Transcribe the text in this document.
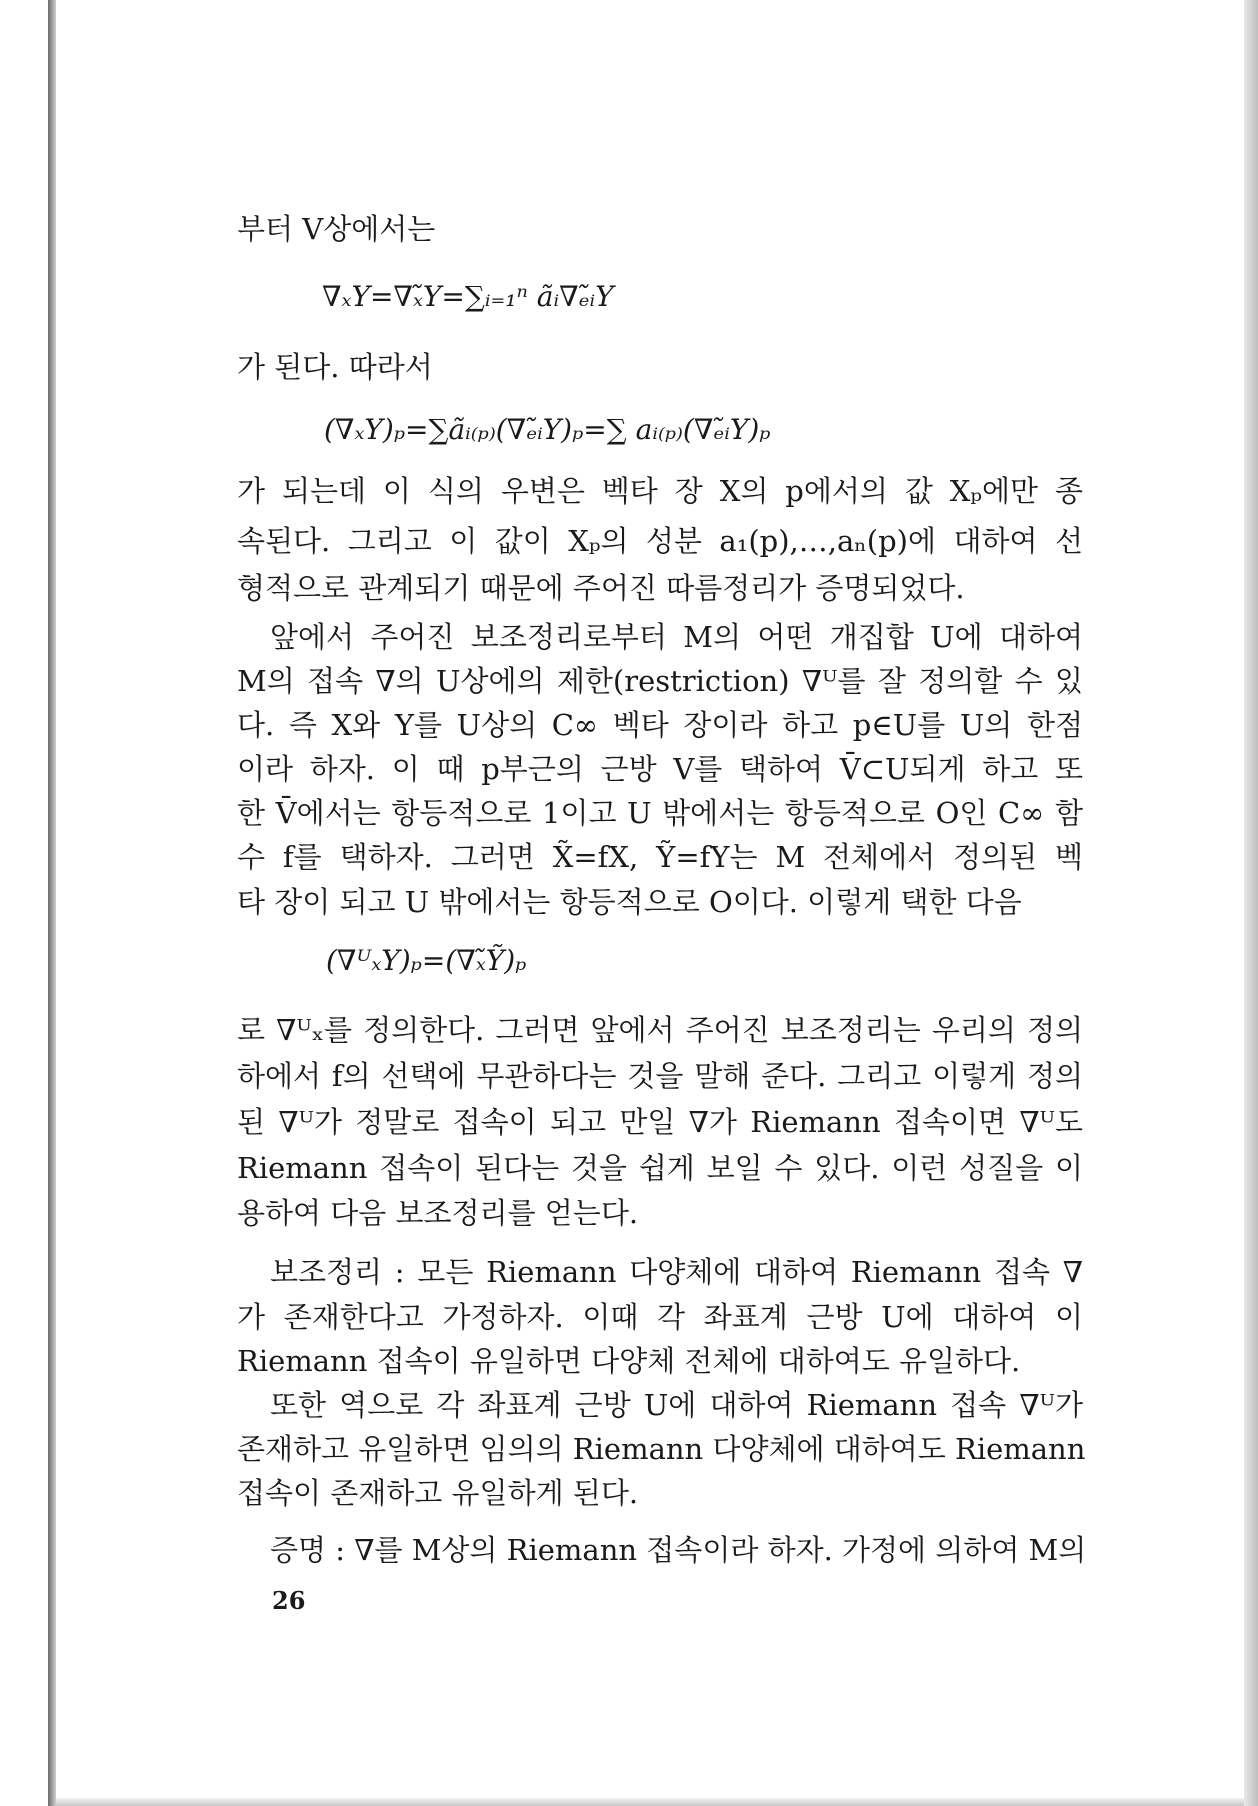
부터 V상에서는
∇ₓY=∇ₓ̃Y=∑ᵢ₌₁ⁿ ãᵢ∇ₑ̃ᵢY
가 된다. 따라서
(∇ₓY)ₚ=∑ãᵢ₍ₚ₎(∇ₑ̃ᵢY)ₚ=∑ aᵢ₍ₚ₎(∇ₑ̃ᵢY)ₚ
가 되는데 이 식의 우변은 벡타 장 X의 p에서의 값 Xₚ에만 종
속된다. 그리고 이 값이 Xₚ의 성분 a₁(p),…,aₙ(p)에 대하여 선
형적으로 관계되기 때문에 주어진 따름정리가 증명되었다.
앞에서 주어진 보조정리로부터 M의 어떤 개집합 U에 대하여
M의 접속 ∇의 U상에의 제한(restriction) ∇ᵁ를 잘 정의할 수 있
다. 즉 X와 Y를 U상의 C∞ 벡타 장이라 하고 p∈U를 U의 한점
이라 하자. 이 때 p부근의 근방 V를 택하여 V̄⊂U되게 하고 또
한 V̄에서는 항등적으로 1이고 U 밖에서는 항등적으로 O인 C∞ 함
수 f를 택하자. 그러면 X̃=fX, Ỹ=fY는 M 전체에서 정의된 벡
타 장이 되고 U 밖에서는 항등적으로 O이다. 이렇게 택한 다음
(∇ᵁₓY)ₚ=(∇ₓ̃Ỹ)ₚ
로 ∇ᵁₓ를 정의한다. 그러면 앞에서 주어진 보조정리는 우리의 정의
하에서 f의 선택에 무관하다는 것을 말해 준다. 그리고 이렇게 정의
된 ∇ᵁ가 정말로 접속이 되고 만일 ∇가 Riemann 접속이면 ∇ᵁ도
Riemann 접속이 된다는 것을 쉽게 보일 수 있다. 이런 성질을 이
용하여 다음 보조정리를 얻는다.
보조정리 : 모든 Riemann 다양체에 대하여 Riemann 접속 ∇
가 존재한다고 가정하자. 이때 각 좌표계 근방 U에 대하여 이
Riemann 접속이 유일하면 다양체 전체에 대하여도 유일하다.
또한 역으로 각 좌표계 근방 U에 대하여 Riemann 접속 ∇ᵁ가
존재하고 유일하면 임의의 Riemann 다양체에 대하여도 Riemann
접속이 존재하고 유일하게 된다.
증명 : ∇를 M상의 Riemann 접속이라 하자. 가정에 의하여 M의
26
